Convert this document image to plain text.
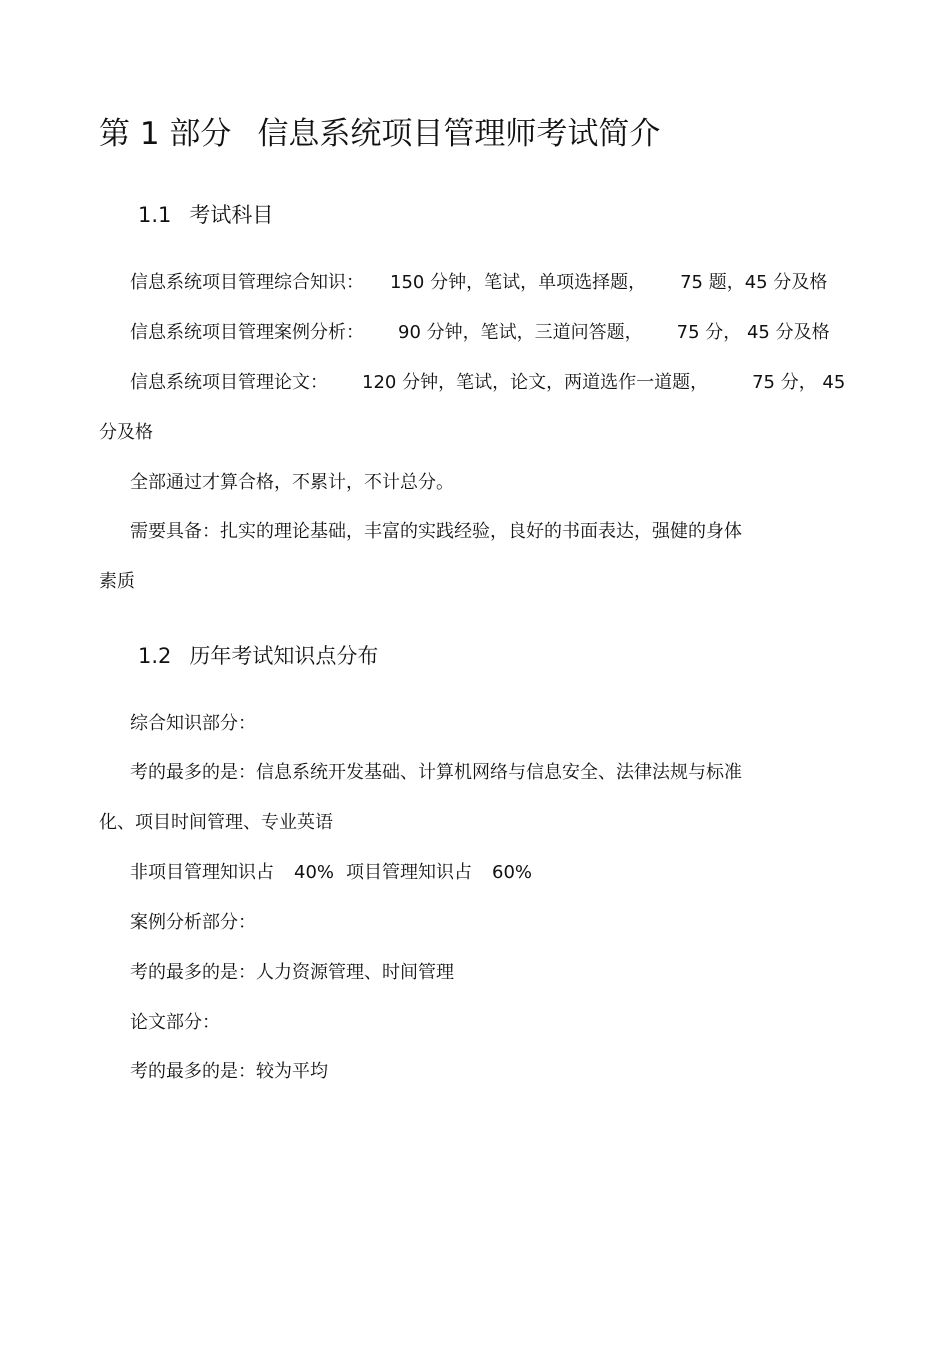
第 1 部分 信息系统项目管理师考试简介
1.1 考试科目
信息系统项目管理综合知识： 150 分钟，笔试，单项选择题， 75 题，45 分及格
信息系统项目管理案例分析： 90 分钟，笔试，三道问答题， 75 分， 45 分及格
信息系统项目管理论文： 120 分钟，笔试，论文，两道选作一道题， 75 分， 45
分及格
全部通过才算合格，不累计，不计总分。
需要具备：扎实的理论基础，丰富的实践经验，良好的书面表达，强健的身体
素质
1.2 历年考试知识点分布
综合知识部分：
考的最多的是：信息系统开发基础、计算机网络与信息安全、法律法规与标准
化、项目时间管理、专业英语
非项目管理知识占 40% 项目管理知识占 60%
案例分析部分：
考的最多的是：人力资源管理、时间管理
论文部分：
考的最多的是：较为平均
